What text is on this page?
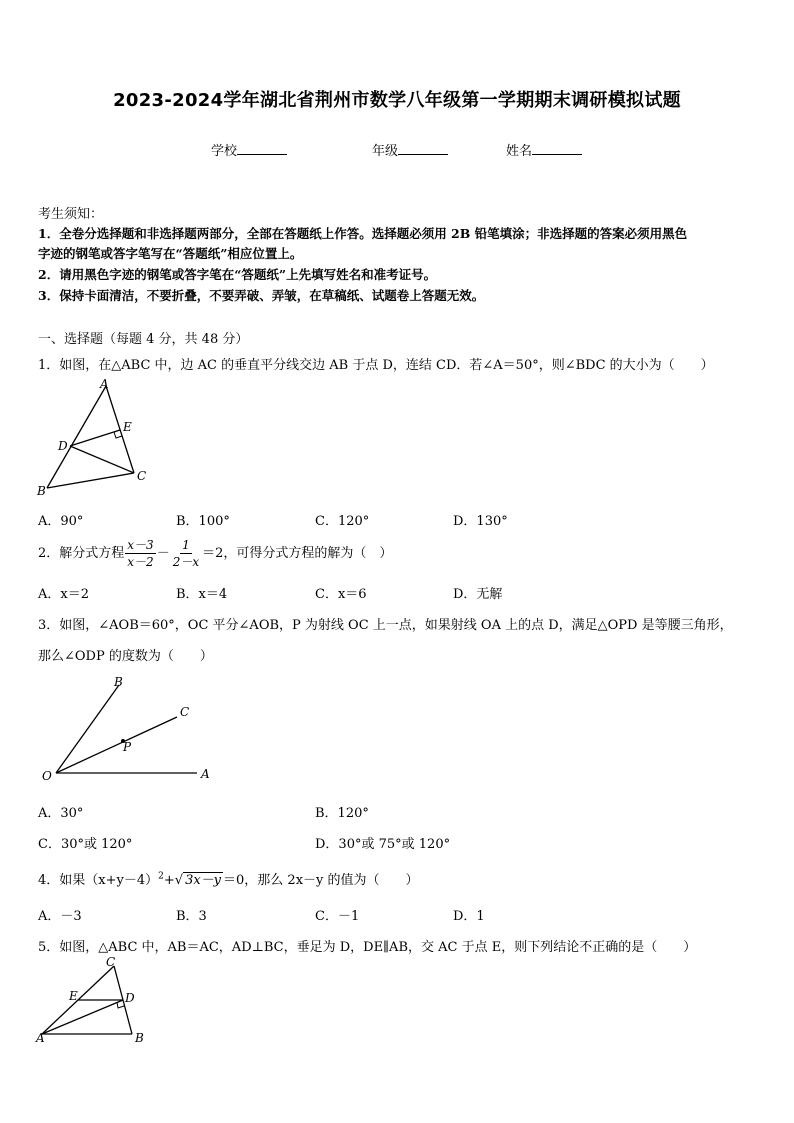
2023-2024学年湖北省荆州市数学八年级第一学期期末调研模拟试题
学校	年级	姓名
考生须知：
1．全卷分选择题和非选择题两部分，全部在答题纸上作答。选择题必须用 2B 铅笔填涂；非选择题的答案必须用黑色
字迹的钢笔或答字笔写在“答题纸”相应位置上。
2．请用黑色字迹的钢笔或答字笔在“答题纸”上先填写姓名和准考证号。
3．保持卡面清洁，不要折叠，不要弄破、弄皱，在草稿纸、试题卷上答题无效。
一、选择题（每题 4 分，共 48 分）
1．如图，在△ABC 中，边 AC 的垂直平分线交边 AB 于点 D，连结 CD．若∠A＝50°，则∠BDC 的大小为（　　）
A
E
D
C
B
A．90°	B．100°	C．120°	D．130°
2．解分式方程 $\frac{x-3}{x-2} - \frac{1}{2-x} =2$，可得分式方程的解为（　）
A．x＝2	B．x＝4	C．x＝6	D．无解
3．如图，∠AOB＝60°，OC 平分∠AOB，P 为射线 OC 上一点，如果射线 OA 上的点 D，满足△OPD 是等腰三角形，
那么∠ODP 的度数为（　　）
B
C
P
O	A
A．30°	B．120°
C．30°或 120°	D．30°或 75°或 120°
4．如果$(x+y-4)^2+√$ 3x－y ＝0，那么 2x－y 的值为（　　）
A．－3	B．3	C．－1	D．1
5．如图，△ABC 中，AB＝AC，AD⊥BC，垂足为 D，DE∥AB，交 AC 于点 E，则下列结论不正确的是（　　）
C
E	D
A	B
